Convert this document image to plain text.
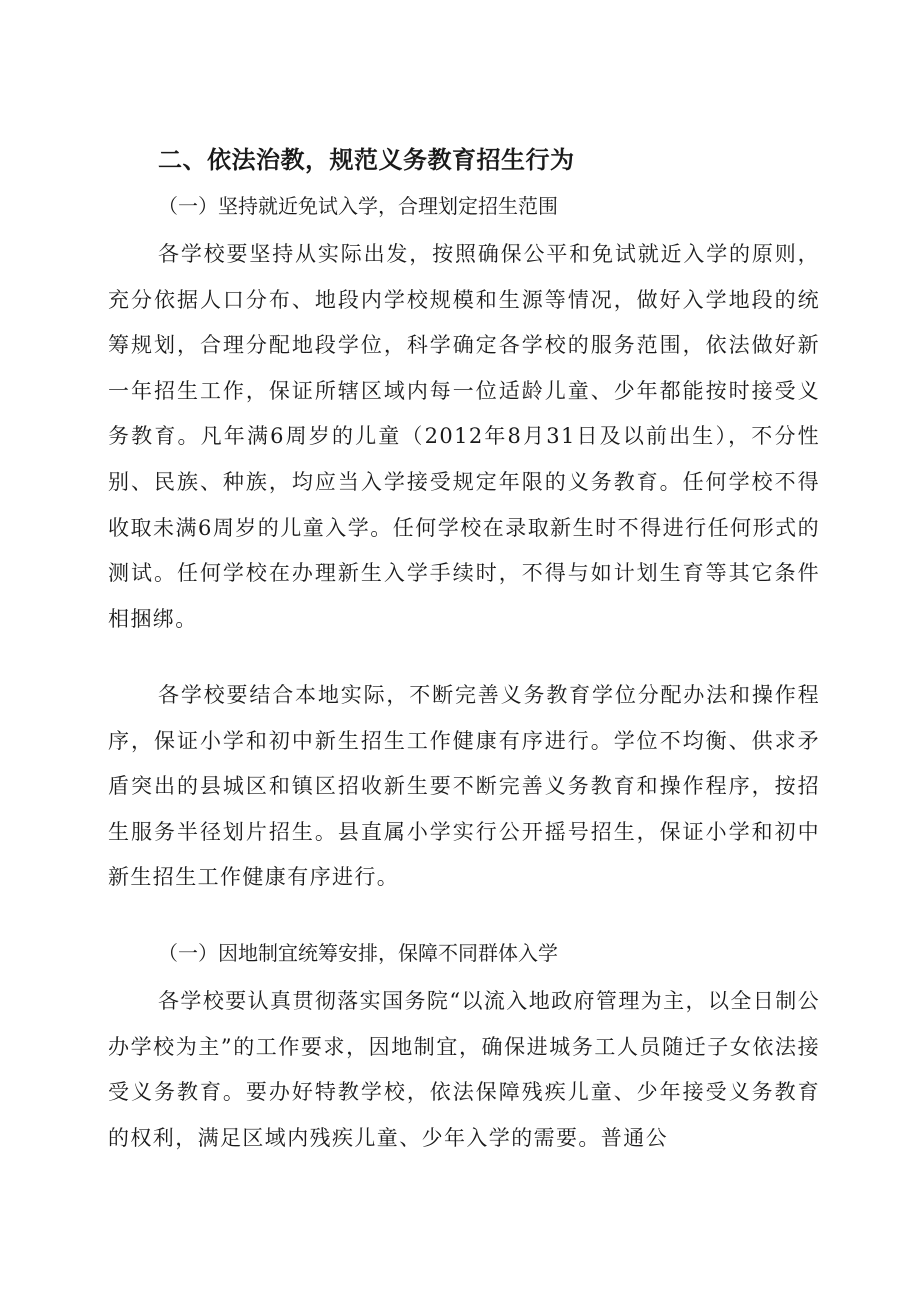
二、依法治教，规范义务教育招生行为
（一）坚持就近免试入学，合理划定招生范围

各学校要坚持从实际出发，按照确保公平和免试就近入学的原则，充分依据人口分布、地段内学校规模和生源等情况，做好入学地段的统筹规划，合理分配地段学位，科学确定各学校的服务范围，依法做好新一年招生工作，保证所辖区域内每一位适龄儿童、少年都能按时接受义务教育。凡年满6周岁的儿童（2012年8月31日及以前出生），不分性别、民族、种族，均应当入学接受规定年限的义务教育。任何学校不得收取未满6周岁的儿童入学。任何学校在录取新生时不得进行任何形式的测试。任何学校在办理新生入学手续时，不得与如计划生育等其它条件相捆绑。

各学校要结合本地实际，不断完善义务教育学位分配办法和操作程序，保证小学和初中新生招生工作健康有序进行。学位不均衡、供求矛盾突出的县城区和镇区招收新生要不断完善义务教育和操作程序，按招生服务半径划片招生。县直属小学实行公开摇号招生，保证小学和初中新生招生工作健康有序进行。

（一）因地制宜统筹安排，保障不同群体入学

各学校要认真贯彻落实国务院“以流入地政府管理为主，以全日制公办学校为主”的工作要求，因地制宜，确保进城务工人员随迁子女依法接受义务教育。要办好特教学校，依法保障残疾儿童、少年接受义务教育的权利，满足区域内残疾儿童、少年入学的需要。普通公
